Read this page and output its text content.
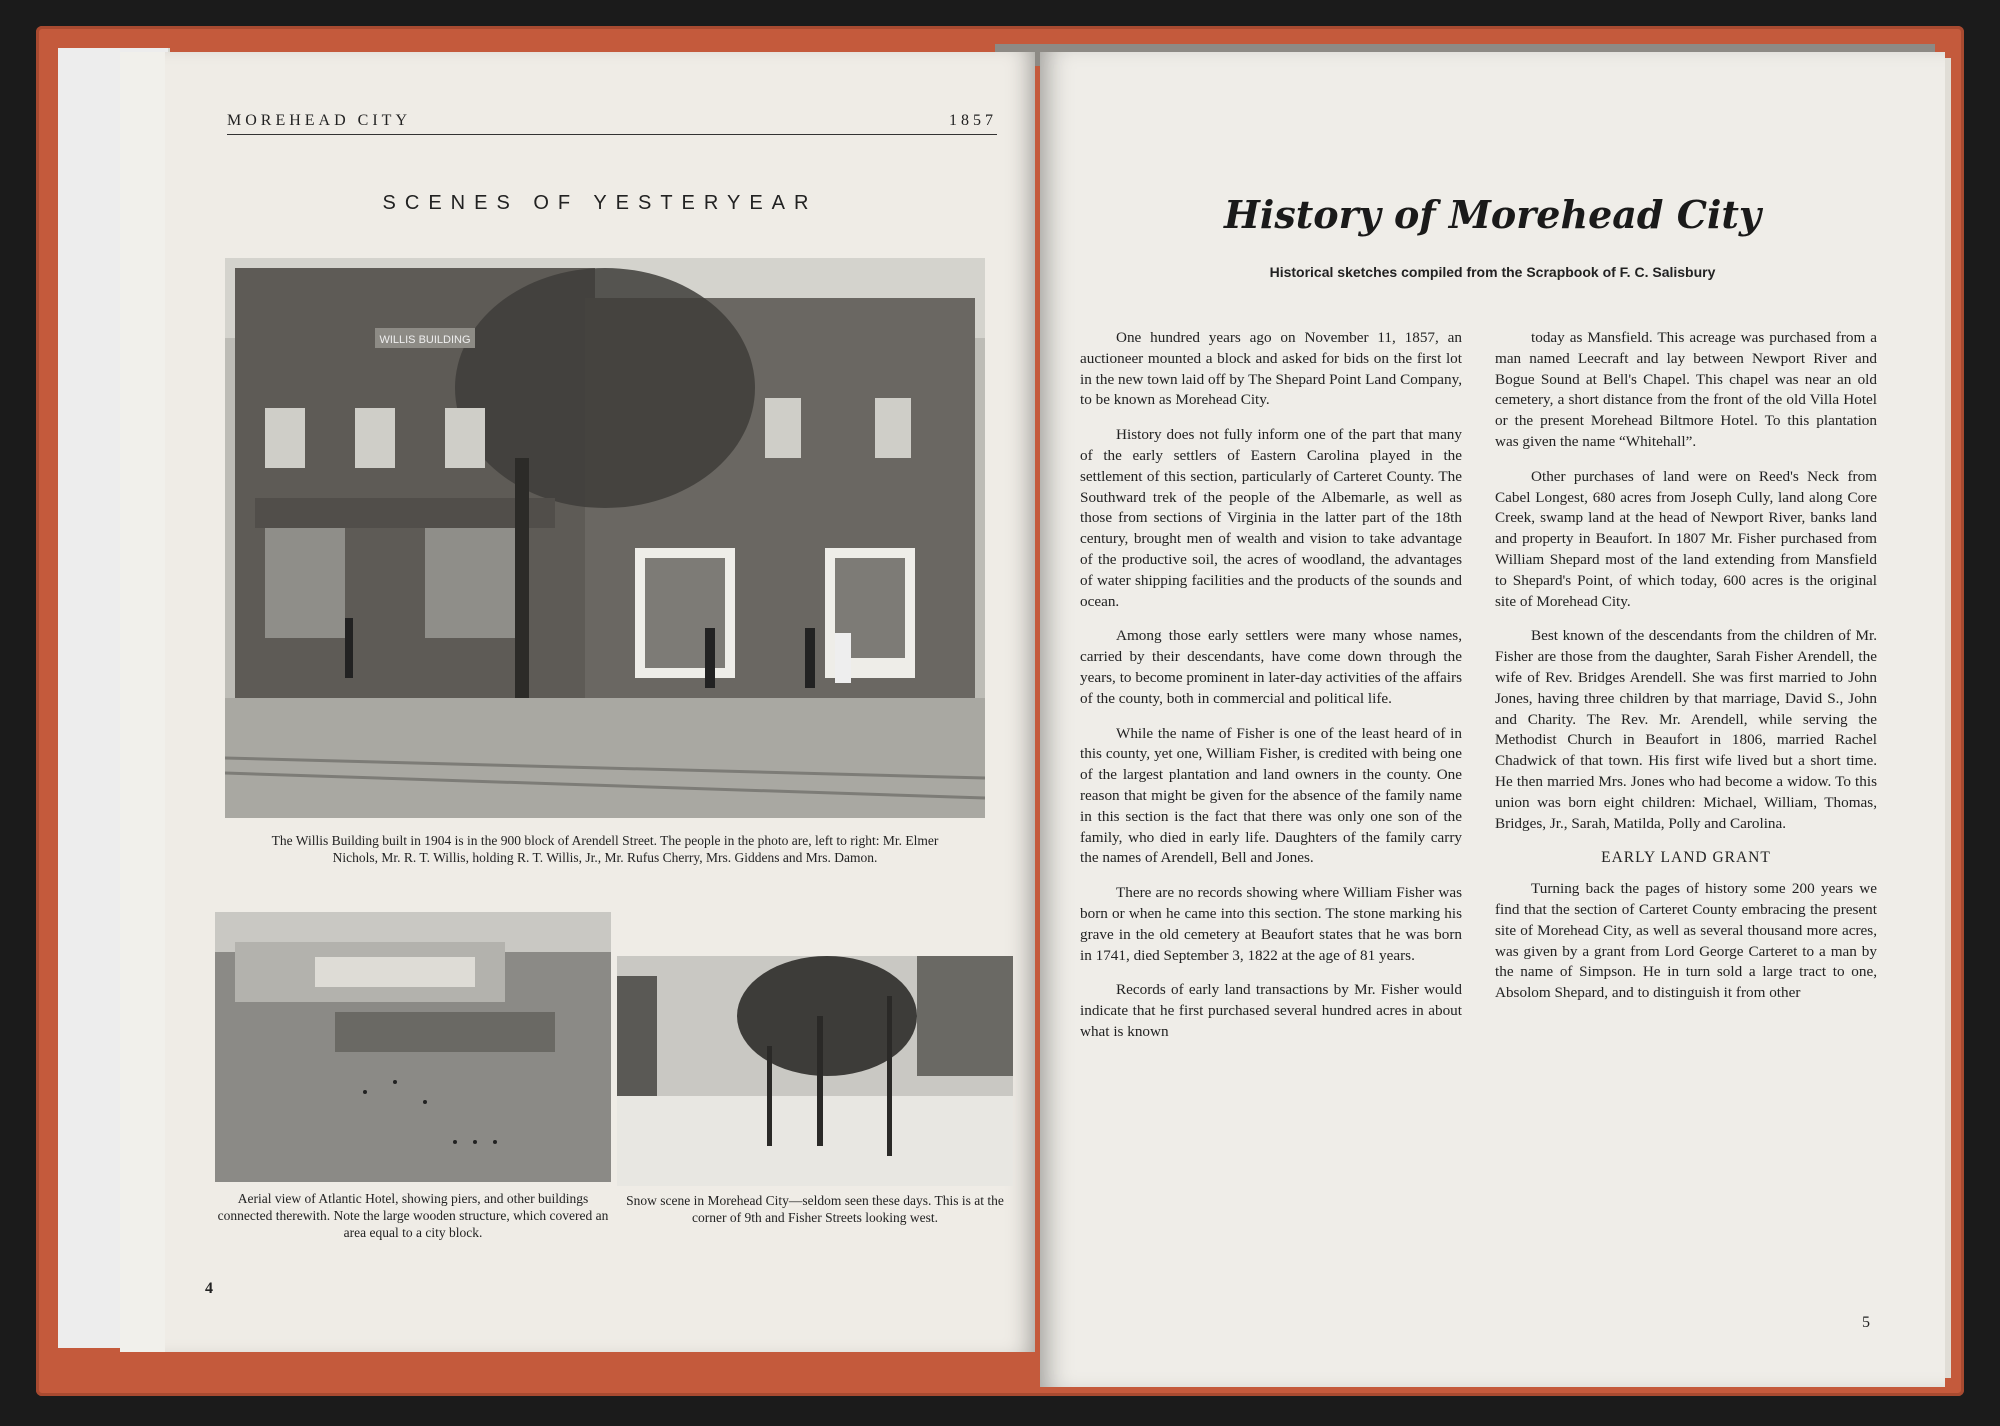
MOREHEAD CITY	1857
SCENES OF YESTERYEAR
WILLIS BUILDING
The Willis Building built in 1904 is in the 900 block of Arendell Street. The people in the photo are, left to right: Mr. Elmer Nichols, Mr. R. T. Willis, holding R. T. Willis, Jr., Mr. Rufus Cherry, Mrs. Giddens and Mrs. Damon.
Aerial view of Atlantic Hotel, showing piers, and other buildings connected therewith. Note the large wooden structure, which covered an area equal to a city block.
Snow scene in Morehead City—seldom seen these days. This is at the corner of 9th and Fisher Streets looking west.
4
History of Morehead City
Historical sketches compiled from the Scrapbook of F. C. Salisbury

One hundred years ago on November 11, 1857, an auctioneer mounted a block and asked for bids on the first lot in the new town laid off by The Shepard Point Land Company, to be known as Morehead City.

History does not fully inform one of the part that many of the early settlers of Eastern Carolina played in the settlement of this section, particularly of Carteret County. The Southward trek of the people of the Albemarle, as well as those from sections of Virginia in the latter part of the 18th century, brought men of wealth and vision to take advantage of the productive soil, the acres of woodland, the advantages of water shipping facilities and the products of the sounds and ocean.

Among those early settlers were many whose names, carried by their descendants, have come down through the years, to become prominent in later-day activities of the affairs of the county, both in commercial and political life.

While the name of Fisher is one of the least heard of in this county, yet one, William Fisher, is credited with being one of the largest plantation and land owners in the county. One reason that might be given for the absence of the family name in this section is the fact that there was only one son of the family, who died in early life. Daughters of the family carry the names of Arendell, Bell and Jones.

There are no records showing where William Fisher was born or when he came into this section. The stone marking his grave in the old cemetery at Beaufort states that he was born in 1741, died September 3, 1822 at the age of 81 years.

Records of early land transactions by Mr. Fisher would indicate that he first purchased several hundred acres in about what is known

today as Mansfield. This acreage was purchased from a man named Leecraft and lay between Newport River and Bogue Sound at Bell's Chapel. This chapel was near an old cemetery, a short distance from the front of the old Villa Hotel or the present Morehead Biltmore Hotel. To this plantation was given the name “Whitehall”.

Other purchases of land were on Reed's Neck from Cabel Longest, 680 acres from Joseph Cully, land along Core Creek, swamp land at the head of Newport River, banks land and property in Beaufort. In 1807 Mr. Fisher purchased from William Shepard most of the land extending from Mansfield to Shepard's Point, of which today, 600 acres is the original site of Morehead City.

Best known of the descendants from the children of Mr. Fisher are those from the daughter, Sarah Fisher Arendell, the wife of Rev. Bridges Arendell. She was first married to John Jones, having three children by that marriage, David S., John and Charity. The Rev. Mr. Arendell, while serving the Methodist Church in Beaufort in 1806, married Rachel Chadwick of that town. His first wife lived but a short time. He then married Mrs. Jones who had become a widow. To this union was born eight children: Michael, William, Thomas, Bridges, Jr., Sarah, Matilda, Polly and Carolina.

EARLY LAND GRANT

Turning back the pages of history some 200 years we find that the section of Carteret County embracing the present site of Morehead City, as well as several thousand more acres, was given by a grant from Lord George Carteret to a man by the name of Simpson. He in turn sold a large tract to one, Absolom Shepard, and to distinguish it from other

5
